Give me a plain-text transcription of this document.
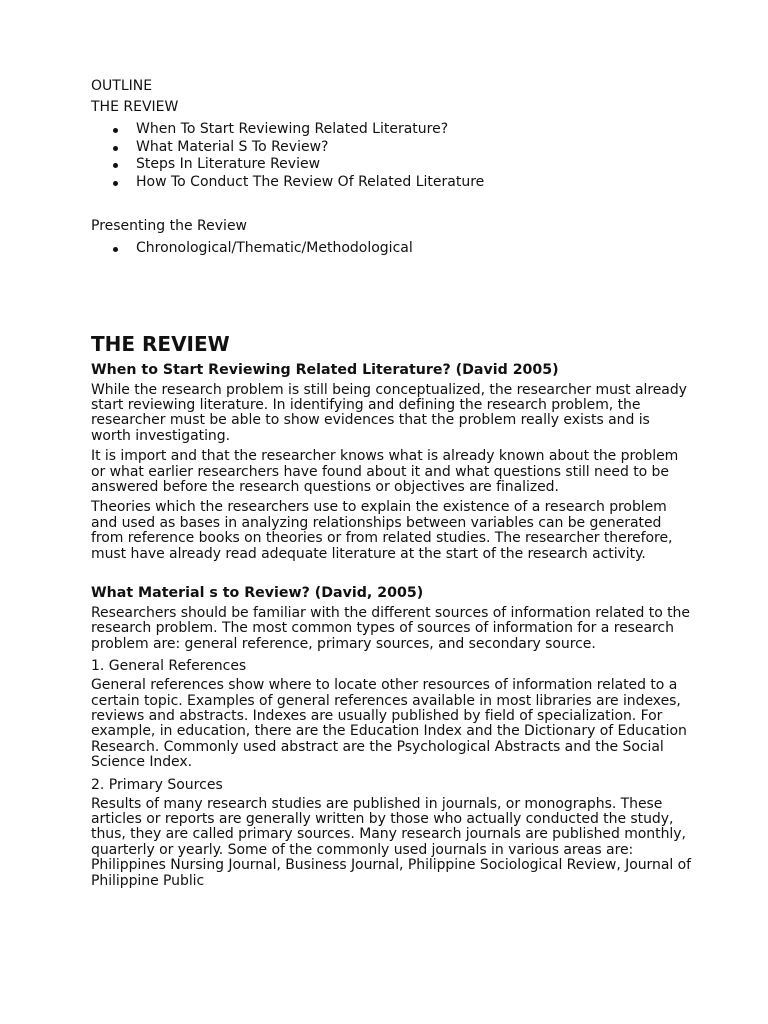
OUTLINE

THE REVIEW

When To Start Reviewing Related Literature?
What Material S To Review?
Steps In Literature Review
How To Conduct The Review Of Related Literature

Presenting the Review

Chronological/Thematic/Methodological
THE REVIEW
When to Start Reviewing Related Literature? (David 2005)

While the research problem is still being conceptualized, the researcher must already start reviewing literature. In identifying and defining the research problem, the researcher must be able to show evidences that the problem really exists and is worth investigating.

It is import and that the researcher knows what is already known about the problem or what earlier researchers have found about it and what questions still need to be answered before the research questions or objectives are finalized.

Theories which the researchers use to explain the existence of a research problem and used as bases in analyzing relationships between variables can be generated from reference books on theories or from related studies. The researcher therefore, must have already read adequate literature at the start of the research activity.

What Material s to Review? (David, 2005)

Researchers should be familiar with the different sources of information related to the research problem. The most common types of sources of information for a research problem are: general reference, primary sources, and secondary source.

1. General References

General references show where to locate other resources of information related to a certain topic. Examples of general references available in most libraries are indexes, reviews and abstracts. Indexes are usually published by field of specialization. For example, in education, there are the Education Index and the Dictionary of Education Research. Commonly used abstract are the Psychological Abstracts and the Social Science Index.

2. Primary Sources

Results of many research studies are published in journals, or monographs. These articles or reports are generally written by those who actually conducted the study, thus, they are called primary sources. Many research journals are published monthly, quarterly or yearly. Some of the commonly used journals in various areas are: Philippines Nursing Journal, Business Journal, Philippine Sociological Review, Journal of Philippine Public
